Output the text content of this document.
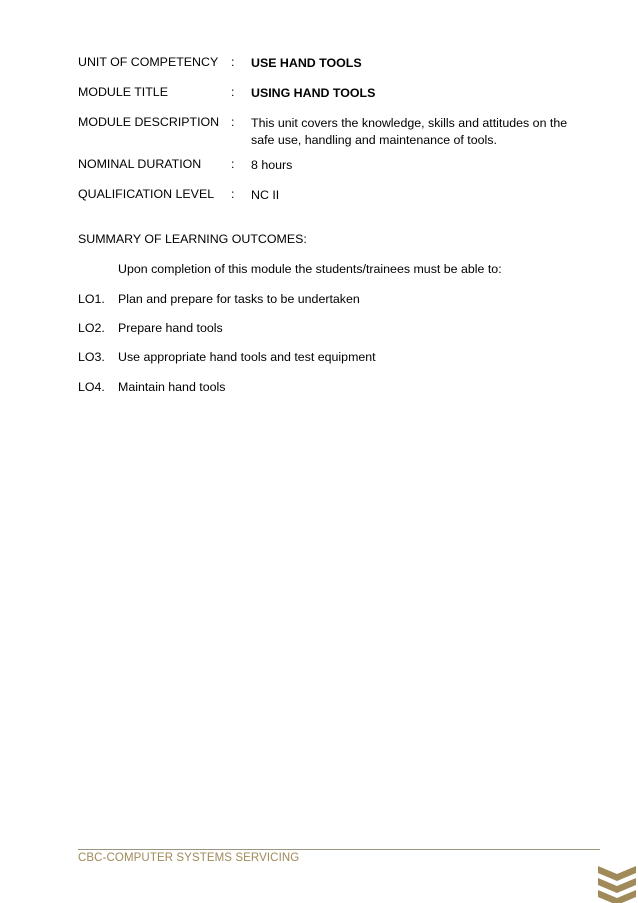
UNIT OF COMPETENCY : USE HAND TOOLS
MODULE TITLE	: USING HAND TOOLS
MODULE DESCRIPTION : This unit covers the knowledge, skills and attitudes on the safe use, handling and maintenance of tools.
NOMINAL DURATION : 8 hours
QUALIFICATION LEVEL : NC II
SUMMARY OF LEARNING OUTCOMES:
Upon completion of this module the students/trainees must be able to:
LO1. Plan and prepare for tasks to be undertaken
LO2. Prepare hand tools
LO3. Use appropriate hand tools and test equipment
LO4. Maintain hand tools
CBC-COMPUTER SYSTEMS SERVICING
